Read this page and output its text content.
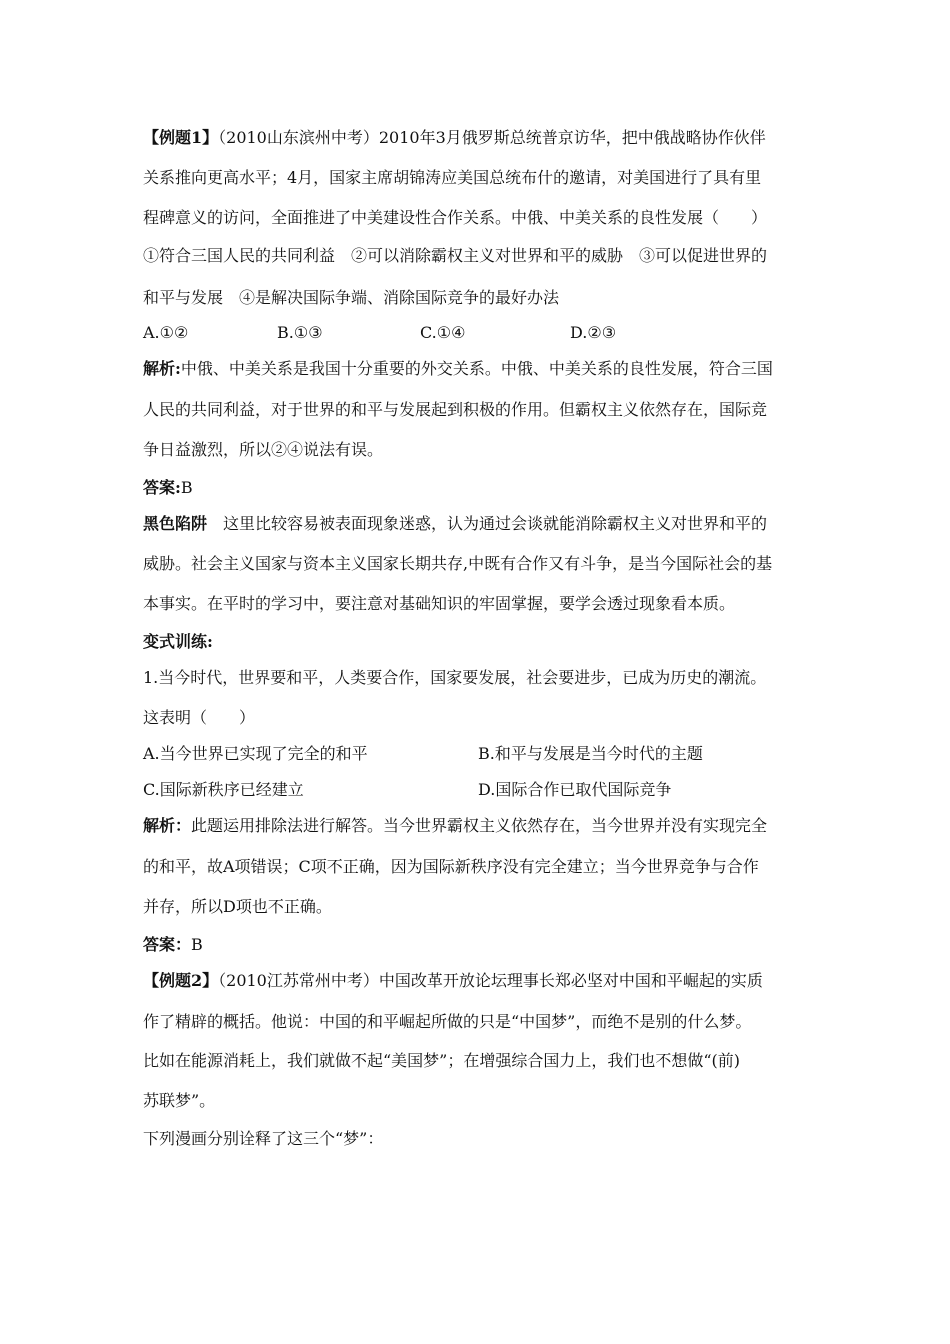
【例题1】（2010山东滨州中考）2010年3月俄罗斯总统普京访华，把中俄战略协作伙伴
关系推向更高水平；4月，国家主席胡锦涛应美国总统布什的邀请，对美国进行了具有里
程碑意义的访问，全面推进了中美建设性合作关系。中俄、中美关系的良性发展（　　）
①符合三国人民的共同利益　②可以消除霸权主义对世界和平的威胁　③可以促进世界的
和平与发展　④是解决国际争端、消除国际竞争的最好办法
A.①②	B.①③	C.①④	D.②③
解析:中俄、中美关系是我国十分重要的外交关系。中俄、中美关系的良性发展，符合三国
人民的共同利益，对于世界的和平与发展起到积极的作用。但霸权主义依然存在，国际竞
争日益激烈，所以②④说法有误。
答案:B
黑色陷阱　这里比较容易被表面现象迷惑，认为通过会谈就能消除霸权主义对世界和平的
威胁。社会主义国家与资本主义国家长期共存,中既有合作又有斗争，是当今国际社会的基
本事实。在平时的学习中，要注意对基础知识的牢固掌握，要学会透过现象看本质。
变式训练:
1.当今时代，世界要和平，人类要合作，国家要发展，社会要进步，已成为历史的潮流。
这表明（　　）
A.当今世界已实现了完全的和平	B.和平与发展是当今时代的主题
C.国际新秩序已经建立	D.国际合作已取代国际竞争
解析：此题运用排除法进行解答。当今世界霸权主义依然存在，当今世界并没有实现完全
的和平，故A项错误；C项不正确，因为国际新秩序没有完全建立；当今世界竞争与合作
并存，所以D项也不正确。
答案：B
【例题2】（2010江苏常州中考）中国改革开放论坛理事长郑必坚对中国和平崛起的实质
作了精辟的概括。他说：中国的和平崛起所做的只是“中国梦”，而绝不是别的什么梦。
比如在能源消耗上，我们就做不起“美国梦”；在增强综合国力上，我们也不想做“(前)
苏联梦”。
下列漫画分别诠释了这三个“梦”：
